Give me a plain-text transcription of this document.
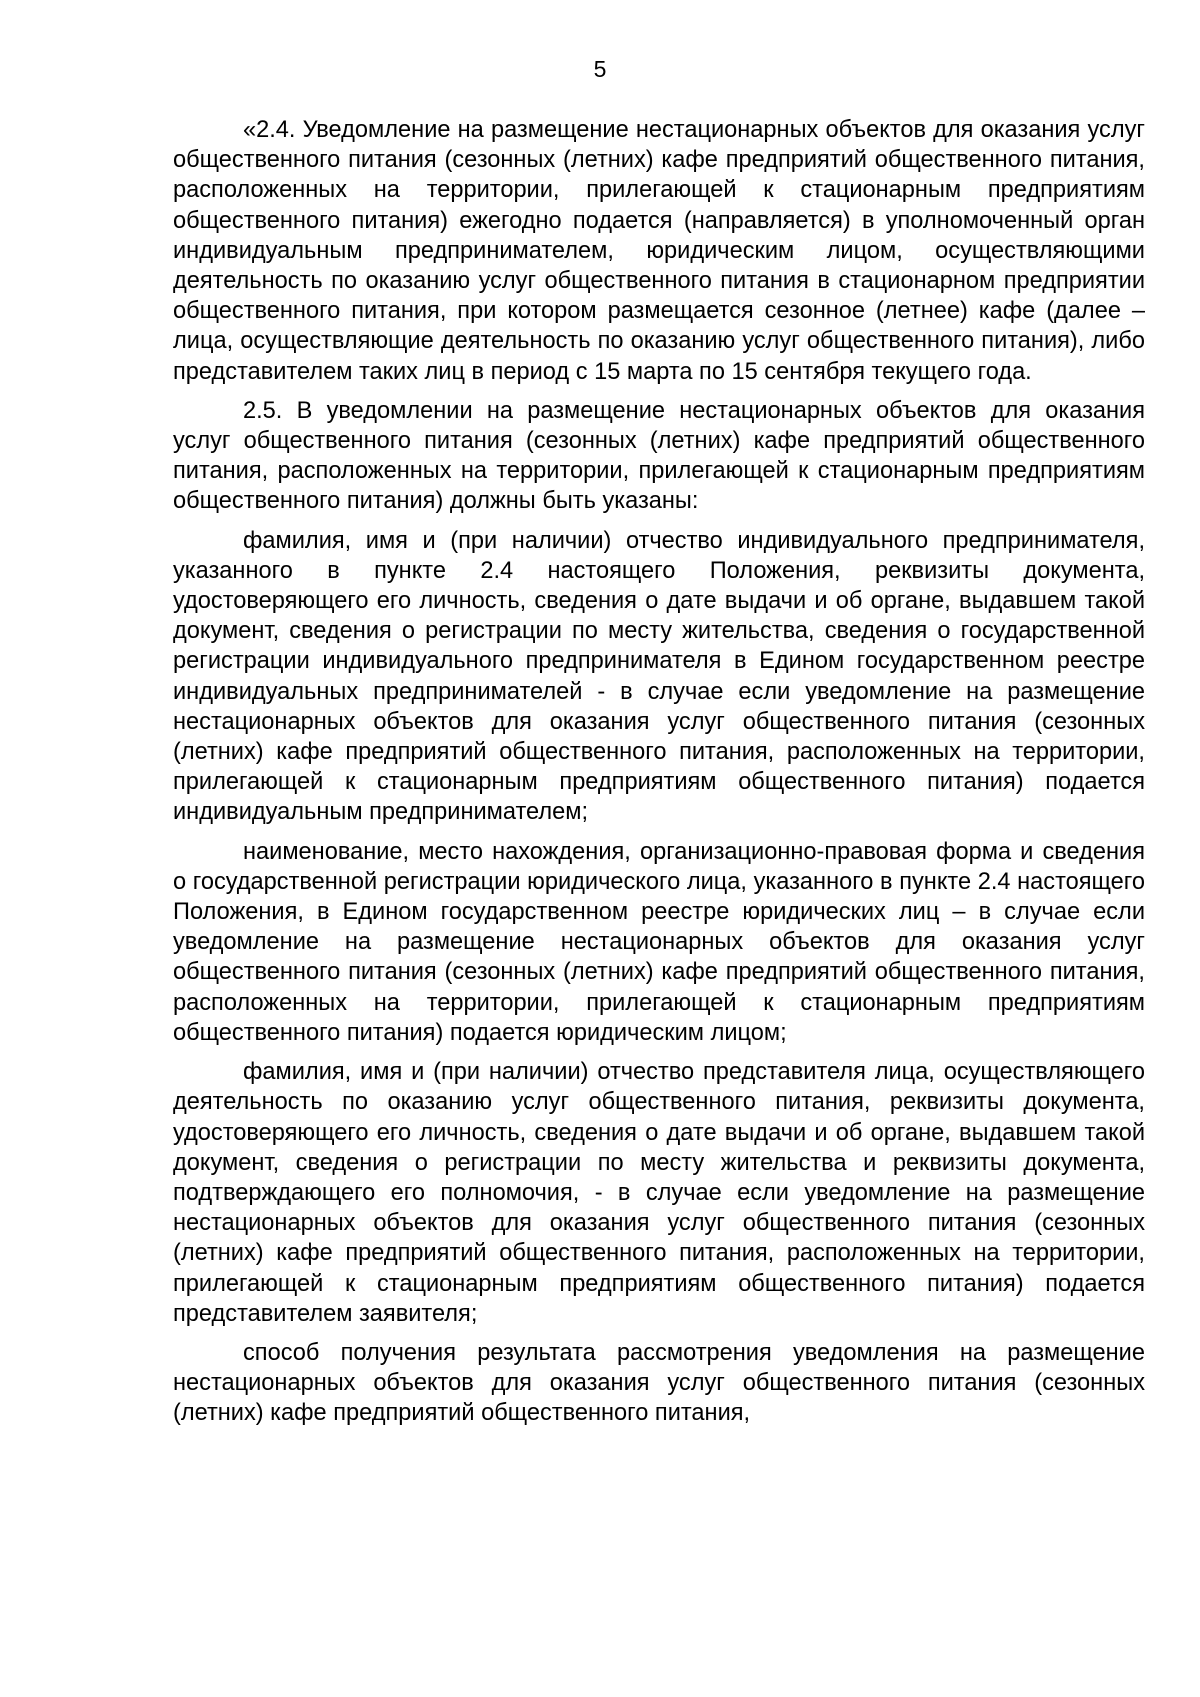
5

«2.4. Уведомление на размещение нестационарных объектов для оказания услуг общественного питания (сезонных (летних) кафе предприятий общественного питания, расположенных на территории, прилегающей к стационарным предприятиям общественного питания) ежегодно подается (направляется) в уполномоченный орган индивидуальным предпринимателем, юридическим лицом, осуществляющими деятельность по оказанию услуг общественного питания в стационарном предприятии общественного питания, при котором размещается сезонное (летнее) кафе (далее – лица, осуществляющие деятельность по оказанию услуг общественного питания), либо представителем таких лиц в период с 15 марта по 15 сентября текущего года.

2.5. В уведомлении на размещение нестационарных объектов для оказания услуг общественного питания (сезонных (летних) кафе предприятий общественного питания, расположенных на территории, прилегающей к стационарным предприятиям общественного питания) должны быть указаны:

фамилия, имя и (при наличии) отчество индивидуального предпринимателя, указанного в пункте 2.4 настоящего Положения, реквизиты документа, удостоверяющего его личность, сведения о дате выдачи и об органе, выдавшем такой документ, сведения о регистрации по месту жительства, сведения о государственной регистрации индивидуального предпринимателя в Едином государственном реестре индивидуальных предпринимателей - в случае если уведомление на размещение нестационарных объектов для оказания услуг общественного питания (сезонных (летних) кафе предприятий общественного питания, расположенных на территории, прилегающей к стационарным предприятиям общественного питания) подается индивидуальным предпринимателем;

наименование, место нахождения, организационно-правовая форма и сведения о государственной регистрации юридического лица, указанного в пункте 2.4 настоящего Положения, в Едином государственном реестре юридических лиц – в случае если уведомление на размещение нестационарных объектов для оказания услуг общественного питания (сезонных (летних) кафе предприятий общественного питания, расположенных на территории, прилегающей к стационарным предприятиям общественного питания) подается юридическим лицом;

фамилия, имя и (при наличии) отчество представителя лица, осуществляющего деятельность по оказанию услуг общественного питания, реквизиты документа, удостоверяющего его личность, сведения о дате выдачи и об органе, выдавшем такой документ, сведения о регистрации по месту жительства и реквизиты документа, подтверждающего его полномочия, - в случае если уведомление на размещение нестационарных объектов для оказания услуг общественного питания (сезонных (летних) кафе предприятий общественного питания, расположенных на территории, прилегающей к стационарным предприятиям общественного питания) подается представителем заявителя;

способ получения результата рассмотрения уведомления на размещение нестационарных объектов для оказания услуг общественного питания (сезонных (летних) кафе предприятий общественного питания,
